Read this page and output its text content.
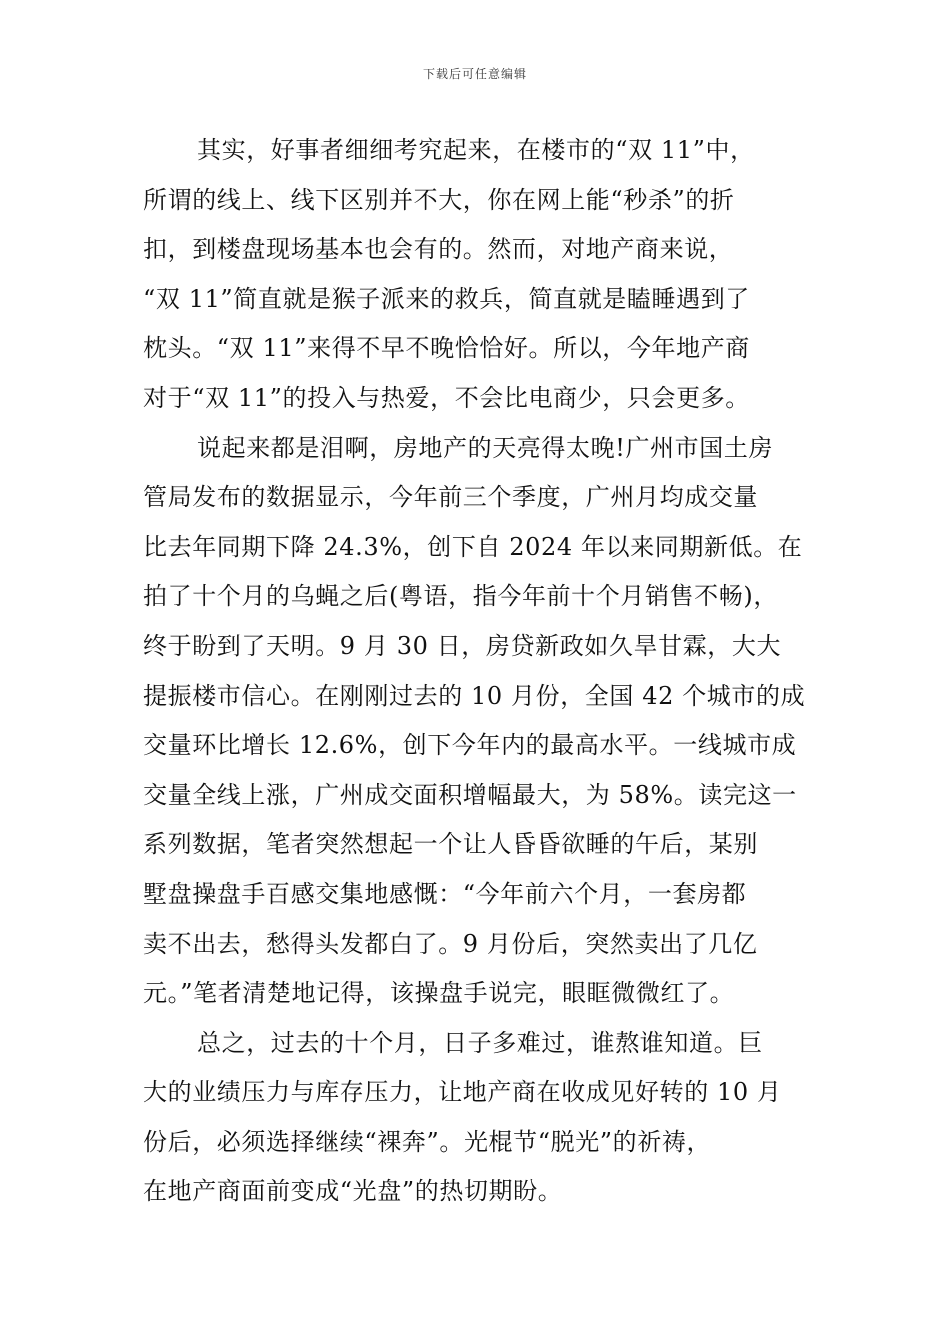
下载后可任意编辑

其实，好事者细细考究起来，在楼市的“双 11”中，
所谓的线上、线下区别并不大，你在网上能“秒杀”的折
扣，到楼盘现场基本也会有的。然而，对地产商来说，
“双 11”简直就是猴子派来的救兵，简直就是瞌睡遇到了
枕头。“双 11”来得不早不晚恰恰好。所以，今年地产商
对于“双 11”的投入与热爱，不会比电商少，只会更多。

说起来都是泪啊，房地产的天亮得太晚!广州市国土房
管局发布的数据显示，今年前三个季度，广州月均成交量
比去年同期下降 24.3%，创下自 2024 年以来同期新低。在
拍了十个月的乌蝇之后(粤语，指今年前十个月销售不畅)，
终于盼到了天明。9 月 30 日，房贷新政如久旱甘霖，大大
提振楼市信心。在刚刚过去的 10 月份，全国 42 个城市的成
交量环比增长 12.6%，创下今年内的最高水平。一线城市成
交量全线上涨，广州成交面积增幅最大，为 58%。读完这一
系列数据，笔者突然想起一个让人昏昏欲睡的午后，某别
墅盘操盘手百感交集地感慨：“今年前六个月，一套房都
卖不出去，愁得头发都白了。9 月份后，突然卖出了几亿
元。”笔者清楚地记得，该操盘手说完，眼眶微微红了。

总之，过去的十个月，日子多难过，谁熬谁知道。巨
大的业绩压力与库存压力，让地产商在收成见好转的 10 月
份后，必须选择继续“裸奔”。光棍节“脱光”的祈祷，
在地产商面前变成“光盘”的热切期盼。
